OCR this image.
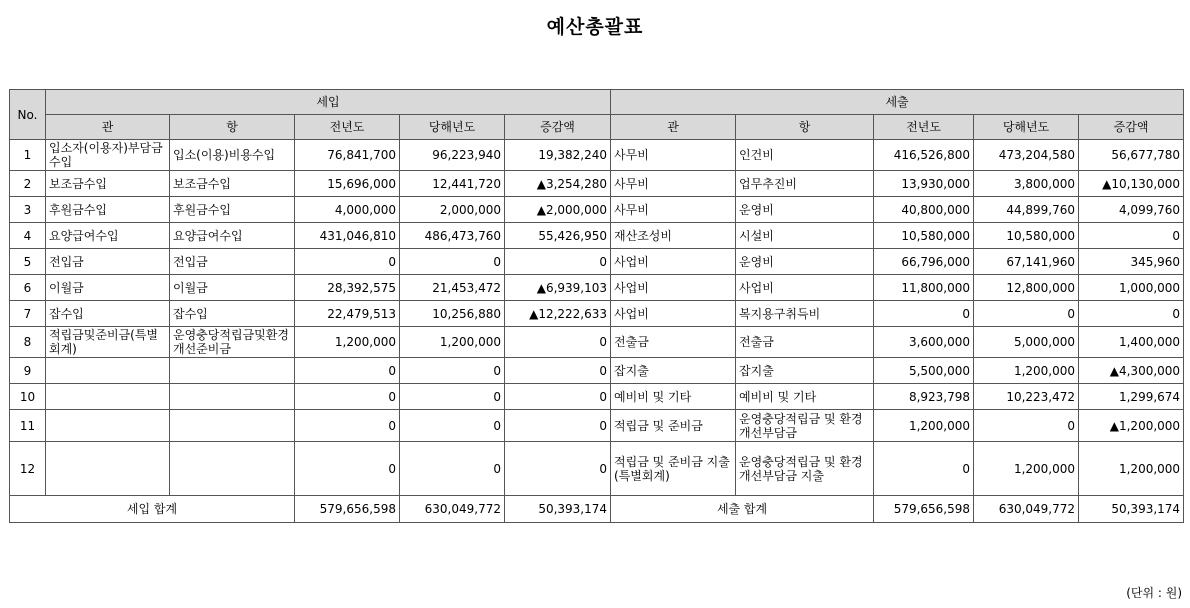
예산총괄표
No.	세입					세출				
	관	항	전년도	당해년도	증감액	관	항	전년도	당해년도	증감액
1	입소자(이용자)부담금수입	입소(이용)비용수입	76,841,700	96,223,940	19,382,240	사무비	인건비	416,526,800	473,204,580	56,677,780
2	보조금수입	보조금수입	15,696,000	12,441,720	▲3,254,280	사무비	업무추진비	13,930,000	3,800,000	▲10,130,000
3	후원금수입	후원금수입	4,000,000	2,000,000	▲2,000,000	사무비	운영비	40,800,000	44,899,760	4,099,760
4	요양급여수입	요양급여수입	431,046,810	486,473,760	55,426,950	재산조성비	시설비	10,580,000	10,580,000	0
5	전입금	전입금	0	0	0	사업비	운영비	66,796,000	67,141,960	345,960
6	이월금	이월금	28,392,575	21,453,472	▲6,939,103	사업비	사업비	11,800,000	12,800,000	1,000,000
7	잡수입	잡수입	22,479,513	10,256,880	▲12,222,633	사업비	복지용구취득비	0	0	0
8	적립금및준비금(특별회계)	운영충당적립금및환경개선준비금	1,200,000	1,200,000	0	전출금	전출금	3,600,000	5,000,000	1,400,000
9			0	0	0	잡지출	잡지출	5,500,000	1,200,000	▲4,300,000
10			0	0	0	예비비 및 기타	예비비 및 기타	8,923,798	10,223,472	1,299,674
11			0	0	0	적립금 및 준비금	운영충당적립금 및 환경개선부담금	1,200,000	0	▲1,200,000
12			0	0	0	적립금 및 준비금 지출(특별회계)	운영충당적립금 및 환경개선부담금 지출	0	1,200,000	1,200,000
세입 합계			579,656,598	630,049,772	50,393,174	세출 합계		579,656,598	630,049,772	50,393,174
(단위 : 원)
